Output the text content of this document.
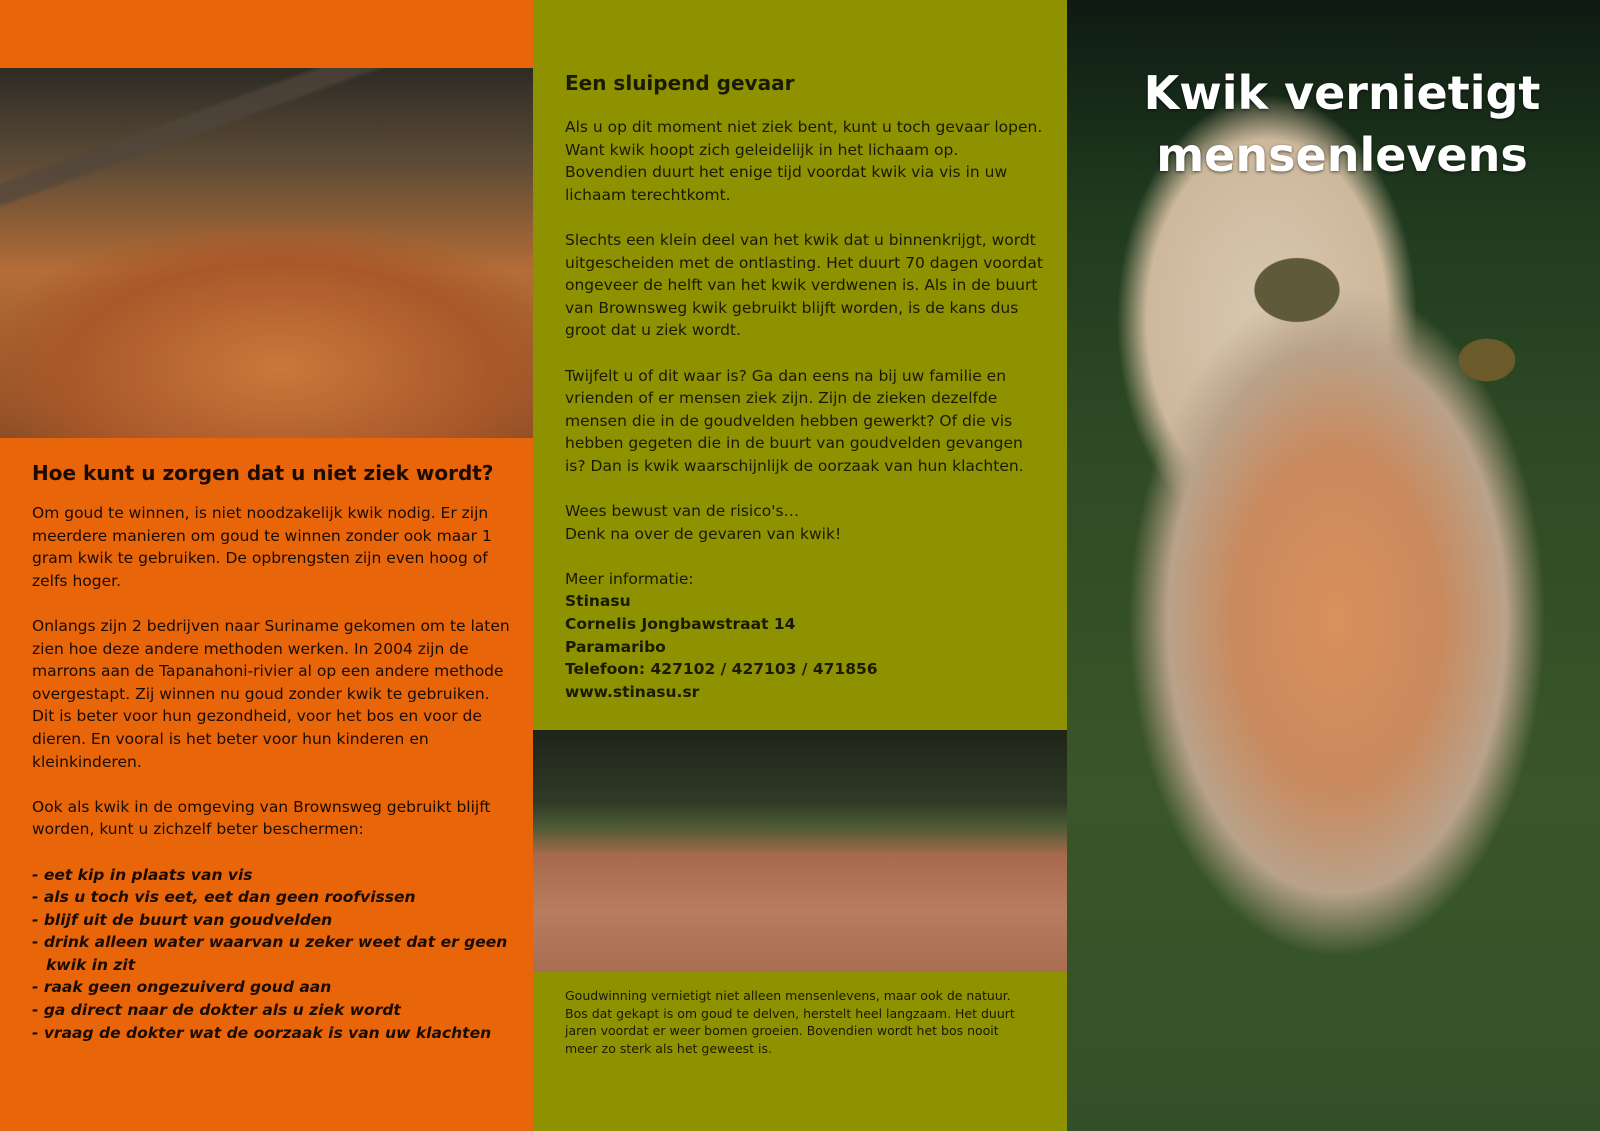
Hoe kunt u zorgen dat u niet ziek wordt?

Om goud te winnen, is niet noodzakelijk kwik nodig. Er zijn meerdere manieren om goud te winnen zonder ook maar 1 gram kwik te gebruiken. De opbrengsten zijn even hoog of zelfs hoger.

Onlangs zijn 2 bedrijven naar Suriname gekomen om te laten zien hoe deze andere methoden werken. In 2004 zijn de marrons aan de Tapanahoni-rivier al op een andere methode overgestapt. Zij winnen nu goud zonder kwik te gebruiken. Dit is beter voor hun gezondheid, voor het bos en voor de dieren. En vooral is het beter voor hun kinderen en kleinkinderen.

Ook als kwik in de omgeving van Brownsweg gebruikt blijft worden, kunt u zichzelf beter beschermen:

- eet kip in plaats van vis
- als u toch vis eet, eet dan geen roofvissen
- blijf uit de buurt van goudvelden
- drink alleen water waarvan u zeker weet dat er geen kwik in zit
- raak geen ongezuiverd goud aan
- ga direct naar de dokter als u ziek wordt
- vraag de dokter wat de oorzaak is van uw klachten
Een sluipend gevaar

Als u op dit moment niet ziek bent, kunt u toch gevaar lopen. Want kwik hoopt zich geleidelijk in het lichaam op. Bovendien duurt het enige tijd voordat kwik via vis in uw lichaam terechtkomt.

Slechts een klein deel van het kwik dat u binnenkrijgt, wordt uitgescheiden met de ontlasting. Het duurt 70 dagen voordat ongeveer de helft van het kwik verdwenen is. Als in de buurt van Brownsweg kwik gebruikt blijft worden, is de kans dus groot dat u ziek wordt.

Twijfelt u of dit waar is? Ga dan eens na bij uw familie en vrienden of er mensen ziek zijn. Zijn de zieken dezelfde mensen die in de goudvelden hebben gewerkt? Of die vis hebben gegeten die in de buurt van goudvelden gevangen is? Dan is kwik waarschijnlijk de oorzaak van hun klachten.

Wees bewust van de risico's…

Denk na over de gevaren van kwik!

Meer informatie:

Stinasu
Cornelis Jongbawstraat 14
Paramaribo
Telefoon: 427102 / 427103 / 471856
www.stinasu.sr
Goudwinning vernietigt niet alleen mensenlevens, maar ook de natuur. Bos dat gekapt is om goud te delven, herstelt heel langzaam. Het duurt jaren voordat er weer bomen groeien. Bovendien wordt het bos nooit meer zo sterk als het geweest is.
Kwik vernietigt
mensenlevens
